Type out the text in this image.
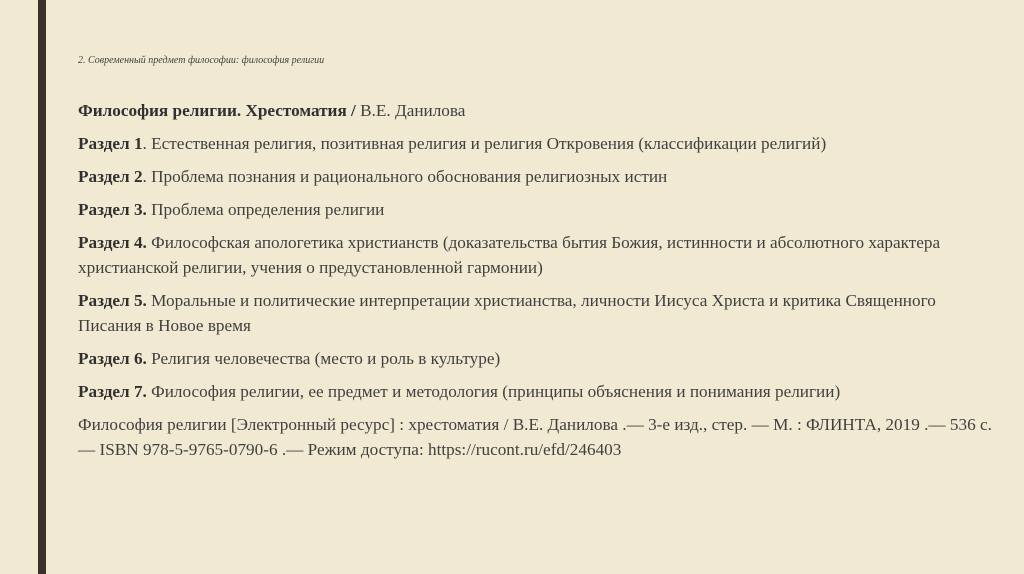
2. Современный предмет философии: философия религии

Философия религии. Хрестоматия / В.Е. Данилова

Раздел 1. Естественная религия, позитивная религия и религия Откровения (классификации религий)

Раздел 2. Проблема познания и рационального обоснования религиозных истин

Раздел 3. Проблема определения религии

Раздел 4. Философская апологетика христианств (доказательства бытия Божия, истинности и абсолютного характера христианской религии, учения о предустановленной гармонии)

Раздел 5. Моральные и политические интерпретации христианства, личности Иисуса Христа и критика Священного Писания в Новое время

Раздел 6. Религия человечества (место и роль в культуре)

Раздел 7. Философия религии, ее предмет и методология (принципы объяснения и понимания религии)

Философия религии [Электронный ресурс] : хрестоматия / В.Е. Данилова .— 3-е изд., стер. — М. : ФЛИНТА, 2019 .— 536 с. — ISBN 978-5-9765-0790-6 .— Режим доступа: https://rucont.ru/efd/246403
